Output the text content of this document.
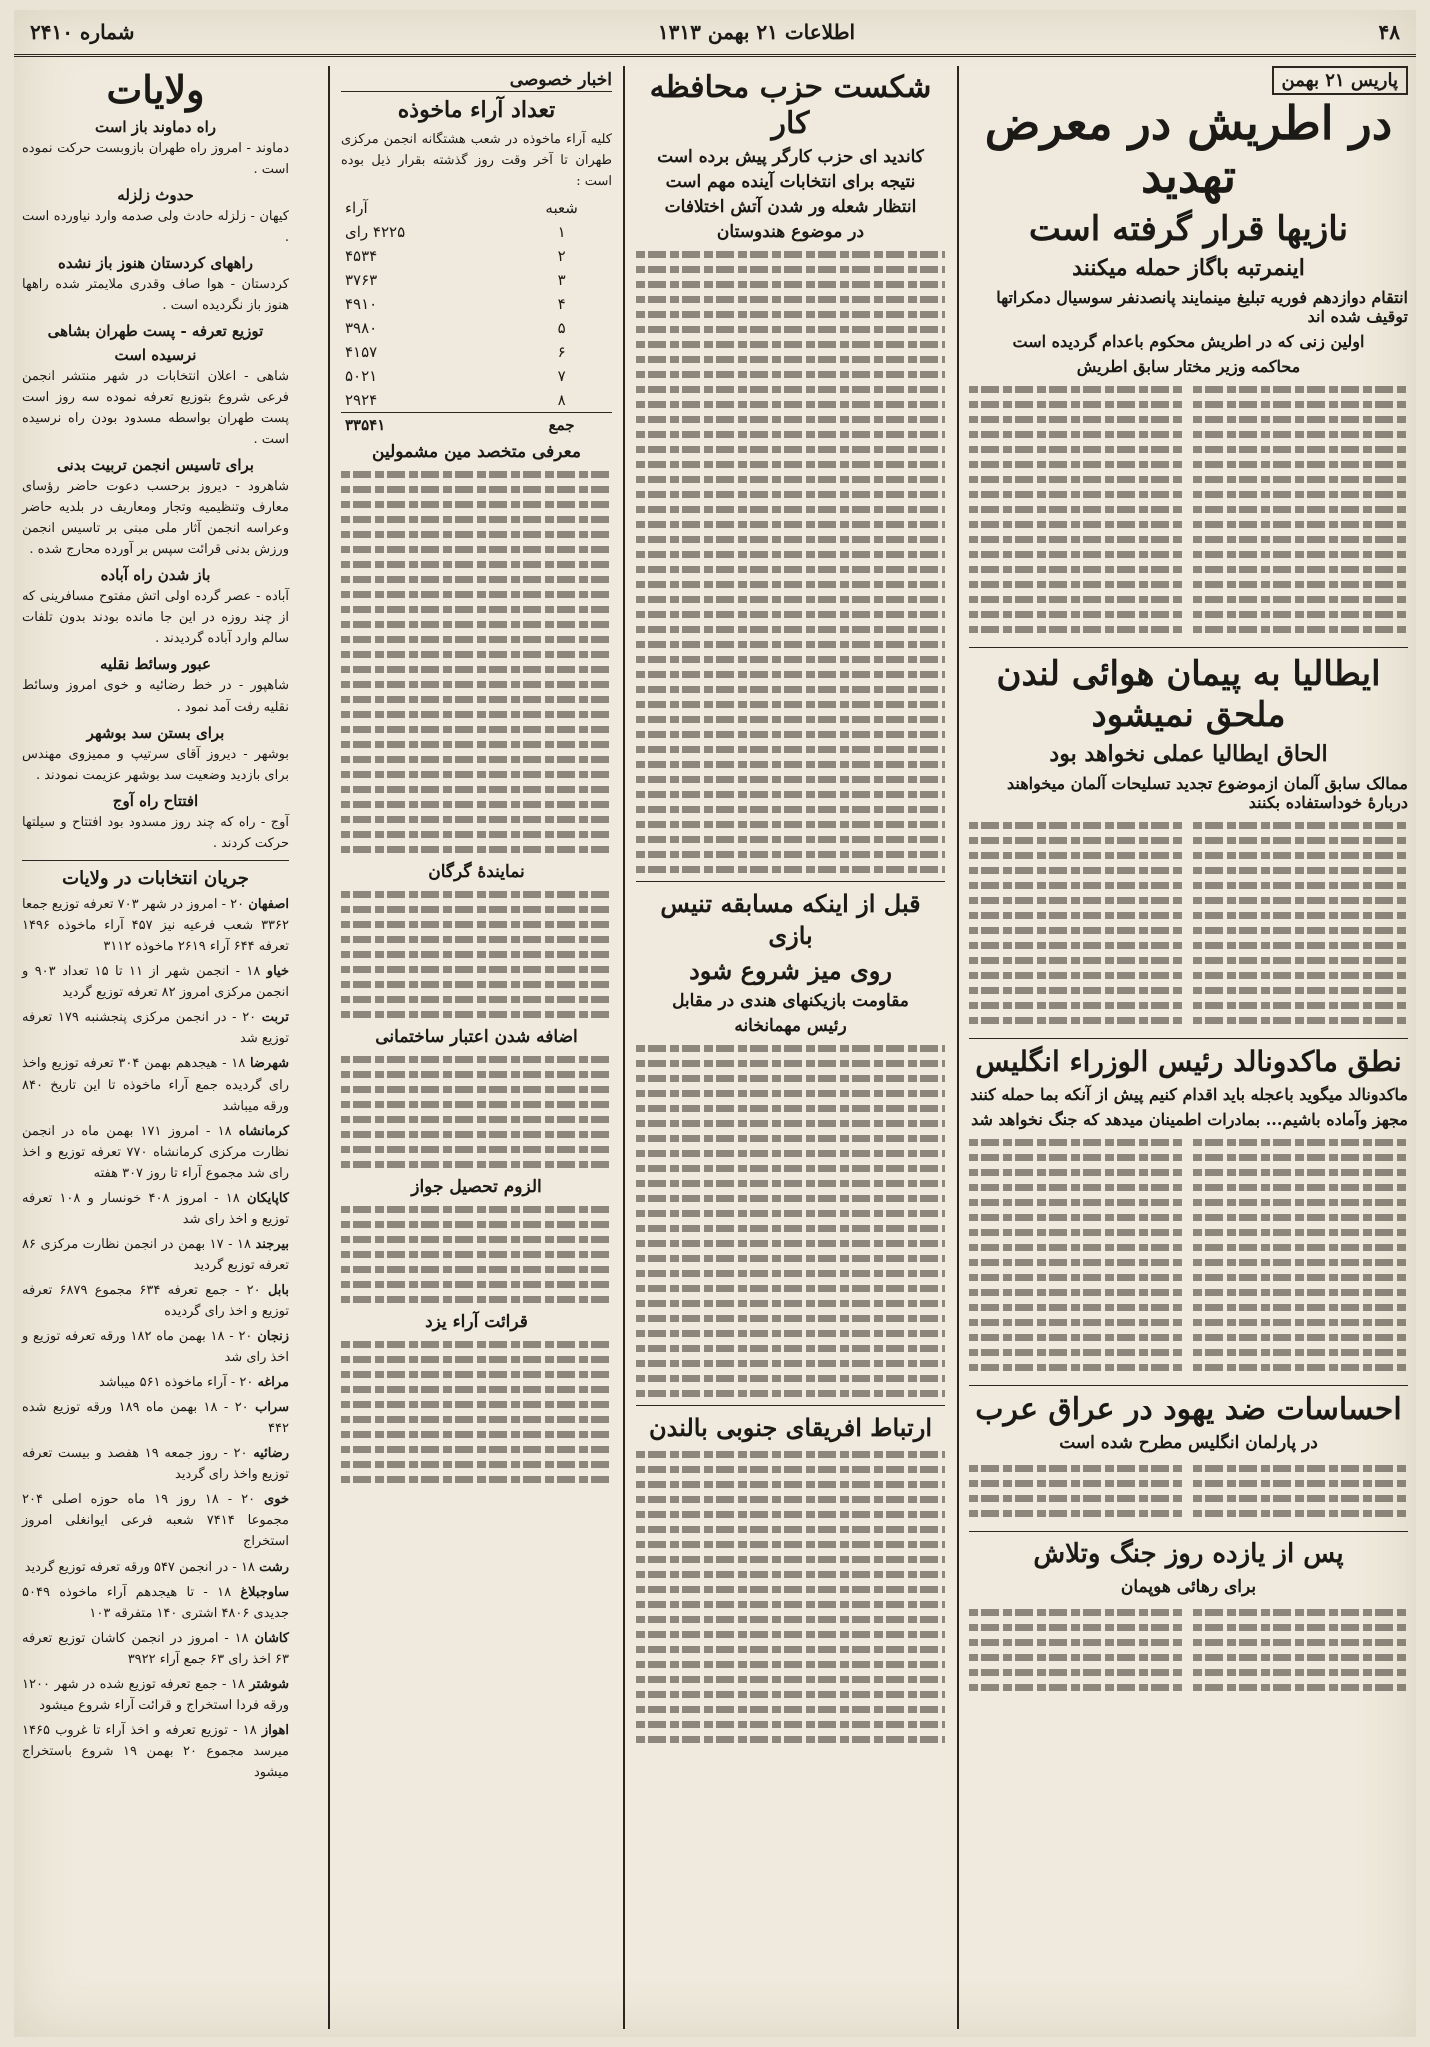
۴۸
اطلاعات ۲۱ بهمن ۱۳۱۳
شماره ۲۴۱۰
پاریس ۲۱ بهمن
در اطریش در معرض تهدید
نازیها قرار گرفته است
اینمرتبه باگاز حمله میکنند
انتقام دوازدهم فوریه تبلیغ مینمایند پانصدنفر سوسیال دمکراتها توقیف شده اند
اولین زنی که در اطریش محکوم باعدام گردیده است
محاکمه وزیر مختار سابق اطریش
ایطالیا به پیمان هوائی لندن ملحق نمیشود
الحاق ایطالیا عملی نخواهد بود
ممالک سابق آلمان ازموضوع تجدید تسلیحات آلمان میخواهند دربارهٔ خوداستفاده بکنند
نطق ماکدونالد رئیس الوزراء انگلیس
ماکدونالد میگوید باعجله باید اقدام کنیم پیش از آنکه بما حمله کنند
مجهز وآماده باشیم... بمادرات اطمینان میدهد که جنگ نخواهد شد
احساسات ضد یهود در عراق عرب
در پارلمان انگلیس مطرح شده است
پس از یازده روز جنگ وتلاش
برای رهائی هوپمان
شکست حزب محافظه کار
کاندید ای حزب کارگر پیش برده است
نتیجه برای انتخابات آینده مهم است
انتظار شعله ور شدن آتش اختلافات
در موضوع هندوستان
قبل از اینکه مسابقه تنیس بازی
روی میز شروع شود
مقاومت بازیکنهای هندی در مقابل
رئیس مهمانخانه
ارتباط افریقای جنوبی بالندن
اخبار خصوصی
تعداد آراء ماخوذه

کلیه آراء ماخوذه در شعب هشتگانه انجمن مرکزی طهران تا آخر وقت روز گذشته بقرار ذیل بوده است :

شعبه	آراء
۱	۴۲۲۵ رای
۲	۴۵۳۴
۳	۳۷۶۳
۴	۴۹۱۰
۵	۳۹۸۰
۶	۴۱۵۷
۷	۵۰۲۱
۸	۲۹۲۴
جمع	۳۳۵۴۱
معرفی متخصد مین مشمولین
نمایندهٔ گرگان
اضافه شدن اعتبار ساختمانی
الزوم تحصیل جواز
قرائت آراء یزد
ولایات
راه دماوند باز است

دماوند - امروز راه طهران بازوبست حرکت نموده است .

حدوث زلزله

کیهان - زلزله حادث ولی صدمه وارد نیاورده است .

راههای کردستان هنوز باز نشده

کردستان - هوا صاف وقدری ملایمتر شده راهها هنوز باز نگردیده است .

توزیع تعرفه - پست طهران بشاهی
نرسیده است

شاهی - اعلان انتخابات در شهر منتشر انجمن فرعی شروع بتوزیع تعرفه نموده سه روز است پست طهران بواسطه مسدود بودن راه نرسیده است .

برای تاسیس انجمن تربیت بدنی

شاهرود - دیروز برحسب دعوت حاضر رؤسای معارف وتنظیمیه وتجار ومعاریف در بلدیه حاضر وعراسه انجمن آثار ملی مبنی بر تاسیس انجمن ورزش بدنی قرائت سپس بر آورده محارج شده .

باز شدن راه آباده

آباده - عصر گرده اولی اتش مفتوح مسافرینی که از چند روزه در این جا مانده بودند بدون تلفات سالم وارد آباده گردیدند .

عبور وسائط نقلیه

شاهپور - در خط رضائیه و خوی امروز وسائط نقلیه رفت آمد نمود .

برای بستن سد بوشهر

بوشهر - دیروز آقای سرتیپ و ممیزوی مهندس برای بازدید وضعیت سد بوشهر عزیمت نمودند .

افتتاح راه آوج

آوج - راه که چند روز مسدود بود افتتاح و سیلتها حرکت کردند .

جریان انتخابات در ولایات

اصفهان ۲۰ - امروز در شهر ۷۰۳ تعرفه توزیع جمعا ۳۳۶۲ شعب فرعیه نیز ۴۵۷ آراء ماخوذه ۱۴۹۶ تعرفه ۶۴۴ آراء ۲۶۱۹ ماخوذه ۳۱۱۲

خیاو ۱۸ - انجمن شهر از ۱۱ تا ۱۵ تعداد ۹۰۳ و انجمن مرکزی امروز ۸۲ تعرفه توزیع گردید

تربت ۲۰ - در انجمن مرکزی پنجشنبه ۱۷۹ تعرفه توزیع شد

شهرضا ۱۸ - هیجدهم بهمن ۳۰۴ تعرفه توزیع واخذ رای گردیده جمع آراء ماخوذه تا این تاریخ ۸۴۰ ورقه میباشد

کرمانشاه ۱۸ - امروز ۱۷۱ بهمن ماه در انجمن نظارت مرکزی کرمانشاه ۷۷۰ تعرفه توزیع و اخذ رای شد مجموع آراء تا روز ۳۰۷ هفته

کاپایکان ۱۸ - امروز ۴۰۸ خونسار و ۱۰۸ تعرفه توزیع و اخذ رای شد

بیرجند ۱۸ - ۱۷ بهمن در انجمن نظارت مرکزی ۸۶ تعرفه توزیع گردید

بابل ۲۰ - جمع تعرفه ۶۳۴ مجموع ۶۸۷۹ تعرفه توزیع و اخذ رای گردیده

زنجان ۲۰ - ۱۸ بهمن ماه ۱۸۲ ورقه تعرفه توزیع و اخذ رای شد

مراغه ۲۰ - آراء ماخوذه ۵۶۱ میباشد

سراب ۲۰ - ۱۸ بهمن ماه ۱۸۹ ورقه توزیع شده ۴۴۲

رضائیه ۲۰ - روز جمعه ۱۹ هفصد و بیست تعرفه توزیع واخذ رای گردید

خوی ۲۰ - ۱۸ روز ۱۹ ماه حوزه اصلی ۲۰۴ مجموعا ۷۴۱۴ شعبه فرعی ایوانغلی امروز استخراج

رشت ۱۸ - در انجمن ۵۴۷ ورقه تعرفه توزیع گردید

ساوجبلاغ ۱۸ - تا هیجدهم آراء ماخوذه ۵۰۴۹ جدیدی ۴۸۰۶ اشتری ۱۴۰ متفرقه ۱۰۳

کاشان ۱۸ - امروز در انجمن کاشان توزیع تعرفه ۶۳ اخذ رای ۶۳ جمع آراء ۳۹۲۲

شوشتر ۱۸ - جمع تعرفه توزیع شده در شهر ۱۲۰۰ ورقه فردا استخراج و قرائت آراء شروع میشود

اهواز ۱۸ - توزیع تعرفه و اخذ آراء تا غروب ۱۴۶۵ میرسد مجموع ۲۰ بهمن ۱۹ شروع باستخراج میشود
